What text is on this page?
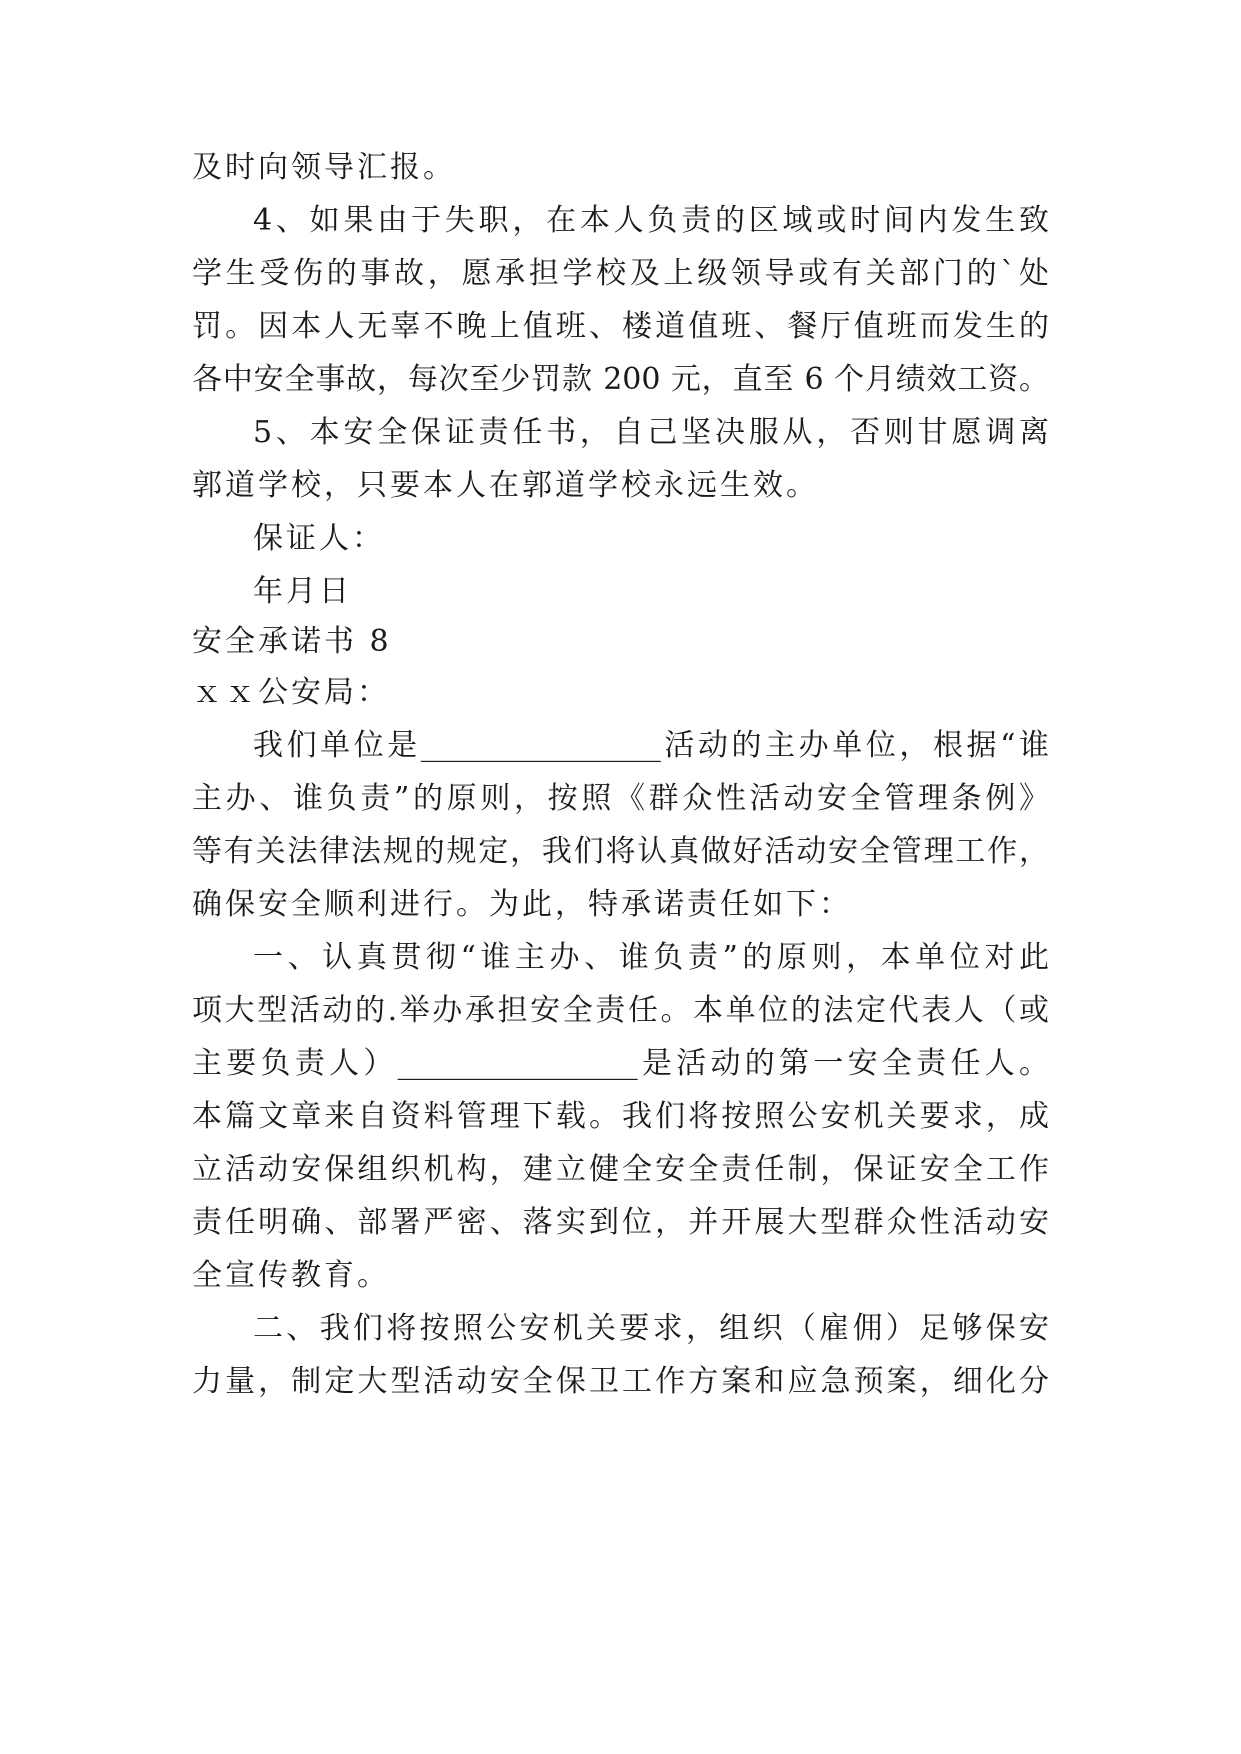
及时向领导汇报。
4、如果由于失职，在本人负责的区域或时间内发生致
学生受伤的事故，愿承担学校及上级领导或有关部门的`处
罚。因本人无辜不晚上值班、楼道值班、餐厅值班而发生的
各中安全事故，每次至少罚款 200 元，直至 6 个月绩效工资。
5、本安全保证责任书，自己坚决服从，否则甘愿调离
郭道学校，只要本人在郭道学校永远生效。
保证人：
年月日
安全承诺书 8
ｘｘ公安局：
我们单位是________________活动的主办单位，根据“谁
主办、谁负责”的原则，按照《群众性活动安全管理条例》
等有关法律法规的规定，我们将认真做好活动安全管理工作，
确保安全顺利进行。为此，特承诺责任如下：
一、认真贯彻“谁主办、谁负责”的原则，本单位对此
项大型活动的.举办承担安全责任。本单位的法定代表人（或
主要负责人）________________是活动的第一安全责任人。
本篇文章来自资料管理下载。我们将按照公安机关要求，成
立活动安保组织机构，建立健全安全责任制，保证安全工作
责任明确、部署严密、落实到位，并开展大型群众性活动安
全宣传教育。
二、我们将按照公安机关要求，组织（雇佣）足够保安
力量，制定大型活动安全保卫工作方案和应急预案，细化分
